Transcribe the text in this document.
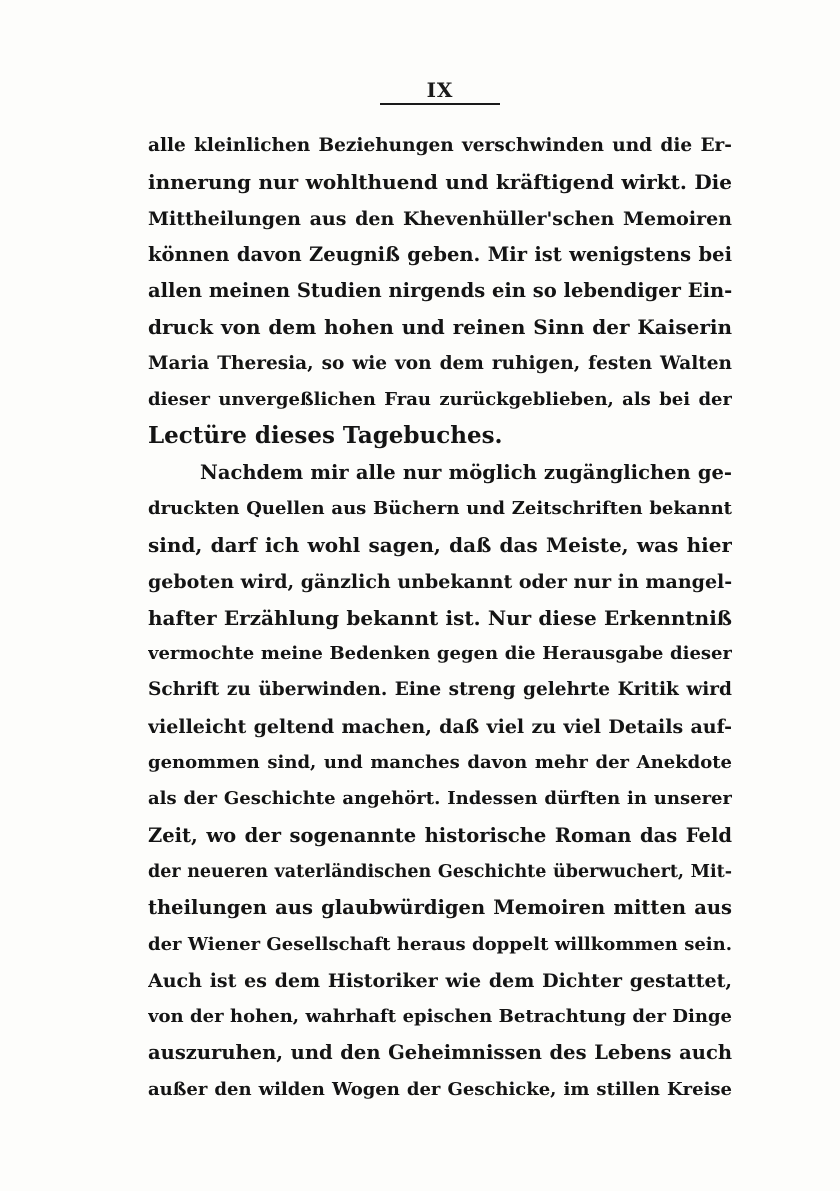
IX
alle kleinlichen Beziehungen verschwinden und die Er-
innerung nur wohlthuend und kräftigend wirkt. Die
Mittheilungen aus den Khevenhüller'schen Memoiren
können davon Zeugniß geben. Mir ist wenigstens bei
allen meinen Studien nirgends ein so lebendiger Ein-
druck von dem hohen und reinen Sinn der Kaiserin
Maria Theresia, so wie von dem ruhigen, festen Walten
dieser unvergeßlichen Frau zurückgeblieben, als bei der
Lectüre dieses Tagebuches.
Nachdem mir alle nur möglich zugänglichen ge-
druckten Quellen aus Büchern und Zeitschriften bekannt
sind, darf ich wohl sagen, daß das Meiste, was hier
geboten wird, gänzlich unbekannt oder nur in mangel-
hafter Erzählung bekannt ist. Nur diese Erkenntniß
vermochte meine Bedenken gegen die Herausgabe dieser
Schrift zu überwinden. Eine streng gelehrte Kritik wird
vielleicht geltend machen, daß viel zu viel Details auf-
genommen sind, und manches davon mehr der Anekdote
als der Geschichte angehört. Indessen dürften in unserer
Zeit, wo der sogenannte historische Roman das Feld
der neueren vaterländischen Geschichte überwuchert, Mit-
theilungen aus glaubwürdigen Memoiren mitten aus
der Wiener Gesellschaft heraus doppelt willkommen sein.
Auch ist es dem Historiker wie dem Dichter gestattet,
von der hohen, wahrhaft epischen Betrachtung der Dinge
auszuruhen, und den Geheimnissen des Lebens auch
außer den wilden Wogen der Geschicke, im stillen Kreise
